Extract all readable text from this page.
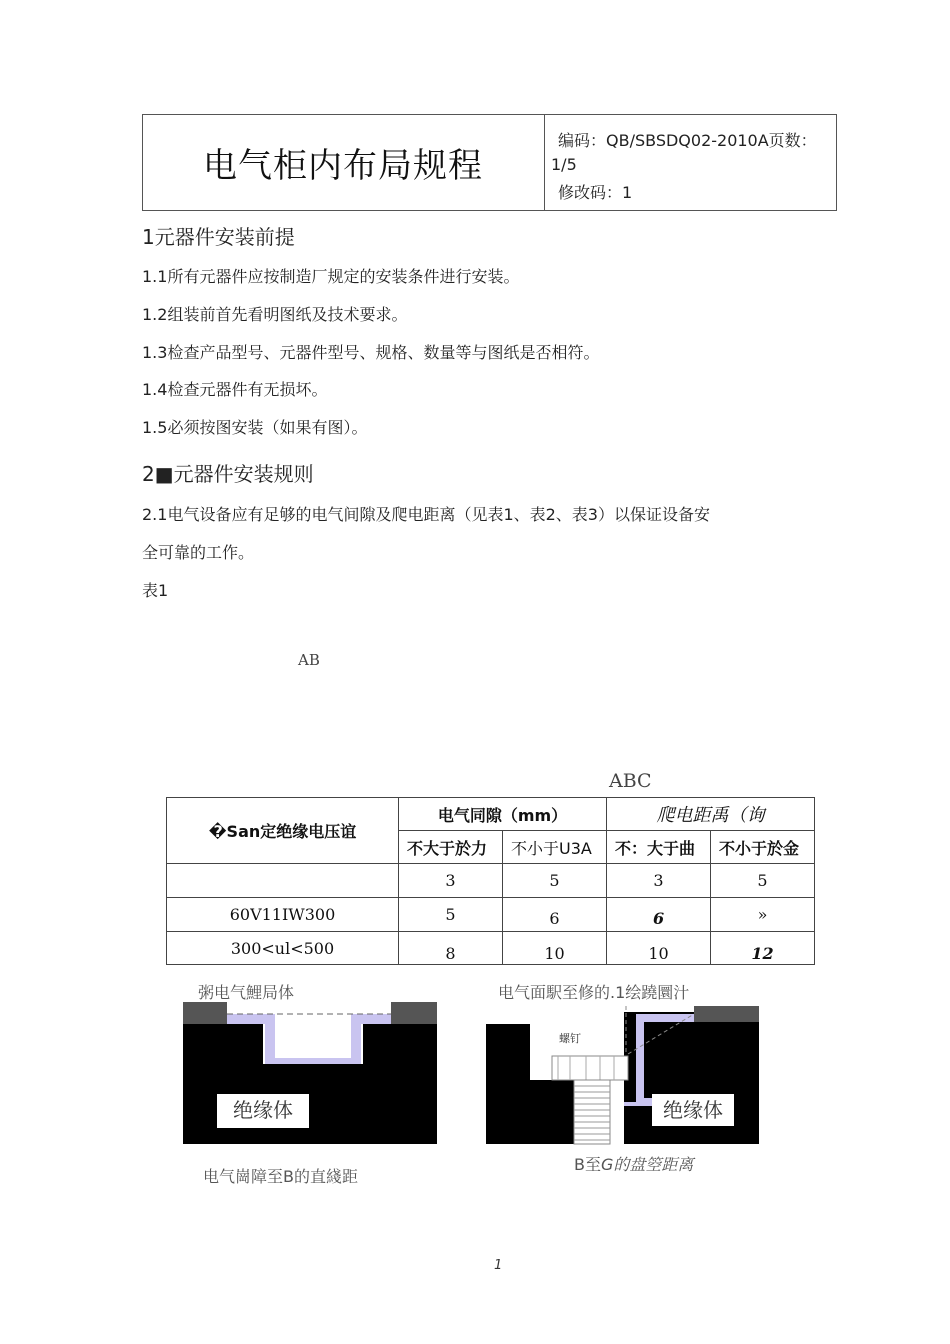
电气柜内布局规程
编码：QB/SBSDQ02-2010A页数：
1/5
修改码：1
1元器件安装前提
1.1所有元器件应按制造厂规定的安装条件进行安装。
1.2组装前首先看明图纸及技术要求。
1.3检查产品型号、元器件型号、规格、数量等与图纸是否相符。
1.4检查元器件有无损坏。
1.5必须按图安装（如果有图）。
2■元器件安装规则
2.1电气设备应有足够的电气间隙及爬电距离（见表1、表2、表3）以保证设备安
全可靠的工作。
表1
AB
ABC
�San定绝缘电压谊	电气同隙（mm）		爬电距禹（询	

	不大于於力	不小于U3A	不：大于曲	不小于於金

	3	5	3	5
60V11IW300	5	6	6	»
300<ul<500	8	10	10	12
粥电气鯉局体	电气面駅至修的.1绘蹺圜汁
绝缘体
电气崗障至B的直綫距
螺钉
绝缘体
B至G的盘箜距离
1
